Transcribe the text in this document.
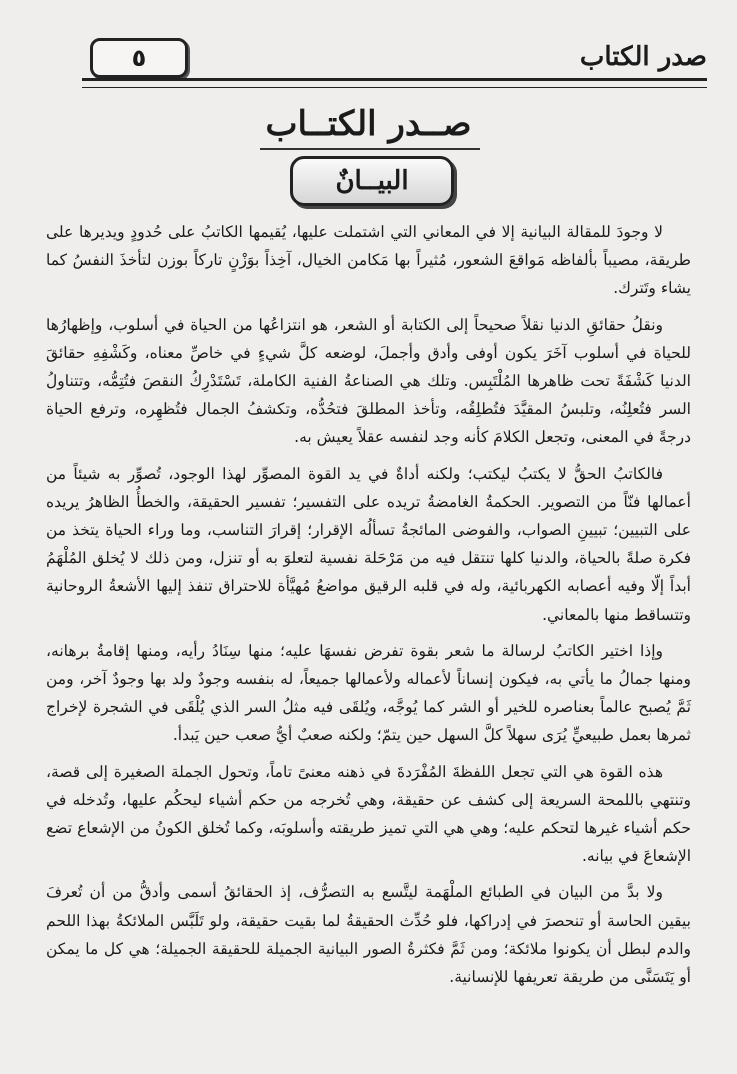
٥	صدر الكتاب
صــدر الكتــاب
البيــانٌ

لا وجودَ للمقالة البيانية إلا في المعاني التي اشتملت عليها، يُقيمها الكاتبُ على حُدودٍ ويديرها على طريقة، مصيباً بألفاظه مَواقعَ الشعور، مُثيراً بها مَكامن الخيال، آخِذاً بوَزْنٍ تاركاً بوزن لتأخذَ النفسُ كما يشاء وتَترك.

ونقلُ حقائقِ الدنيا نقلاً صحيحاً إلى الكتابة أو الشعر، هو انتزاعُها من الحياة في أسلوب، وإظهارُها للحياة في أسلوب آخَرَ يكون أوفى وأدق وأجملَ، لوضعه كلَّ شيءٍ في خاصِّ معناه، وكَشْفِهِ حقائقَ الدنيا كَشْفَةً تحت ظاهرها المُلْتَبِس. وتلك هي الصناعةُ الفنية الكاملة، تَسْتَدْرِكُ النقصَ فتُتِمُّه، وتتناولُ السر فتُعلِنُه، وتلبسُ المقيَّدَ فتُطلِقُه، وتأخذ المطلقَ فتحُدُّه، وتكشفُ الجمال فتُظهِره، وترفع الحياة درجةً في المعنى، وتجعل الكلامَ كأنه وجد لنفسه عقلاً يعيش به.

فالكاتبُ الحقُّ لا يكتبُ ليكتب؛ ولكنه أداةٌ في يد القوة المصوِّر لهذا الوجود، تُصوِّر به شيئاً من أعمالها فنّاً من التصوير. الحكمةُ الغامضةُ تريده على التفسير؛ تفسير الحقيقة، والخطأُ الظاهرُ يريده على التبيين؛ تبيينِ الصواب، والفوضى المائجةُ تسألُه الإقرار؛ إقرارَ التناسب، وما وراء الحياة يتخذ من فكرة صلةً بالحياة، والدنيا كلها تنتقل فيه من مَرْحَلة نفسية لتعلوَ به أو تنزل، ومن ذلك لا يُخلق المُلْهَمُ أبداً إلّا وفيه أعصابه الكهربائية، وله في قلبه الرقيق مواضعُ مُهيَّأة للاحتراق تنفذ إليها الأشعةُ الروحانية وتتساقط منها بالمعاني.

وإذا اختير الكاتبُ لرسالة ما شعر بقوة تفرض نفسهَا عليه؛ منها سِنَادُ رأيه، ومنها إقامةُ برهانه، ومنها جمالُ ما يأتي به، فيكون إنساناً لأعماله ولأعمالها جميعاً، له بنفسه وجودٌ ولد بها وجودٌ آخر، ومن ثَمَّ يُصبح عالماً بعناصره للخير أو الشر كما يُوجَّه، ويُلقَى فيه مثلُ السر الذي يُلْقَى في الشجرة لإخراج ثمرها بعمل طبيعيٍّ يُرَى سهلاً كلَّ السهل حين يتمّ؛ ولكنه صعبٌ أيُّ صعب حين يَبدأ.

هذه القوة هي التي تجعل اللفظةَ المُفْرَدةَ في ذهنه معنىً تاماً، وتحول الجملة الصغيرة إلى قصة، وتنتهي باللمحة السريعة إلى كشف عن حقيقة، وهي تُخرجه من حكم أشياء ليحكُم عليها، وتُدخله في حكم أشياء غيرها لتحكم عليه؛ وهي هي التي تميز طريقته وأسلوبَه، وكما تُخلق الكونُ من الإشعاع تضع الإشعاعَ في بيانه.

ولا بدَّ من البيان في الطبائع الملْهَمة ليتَّسع به التصرُّف، إذ الحقائقُ أسمى وأدقُّ من أن تُعرفَ بيقين الحاسة أو تنحصرَ في إدراكها، فلو حُدِّث الحقيقةُ لما بقيت حقيقة، ولو تَلَبَّس الملائكةُ بهذا اللحم والدم لبطل أن يكونوا ملائكة؛ ومن ثَمَّ فكثرةُ الصور البيانية الجميلة للحقيقة الجميلة؛ هي كل ما يمكن أو يَتَسَنَّى من طريقة تعريفها للإنسانية.
